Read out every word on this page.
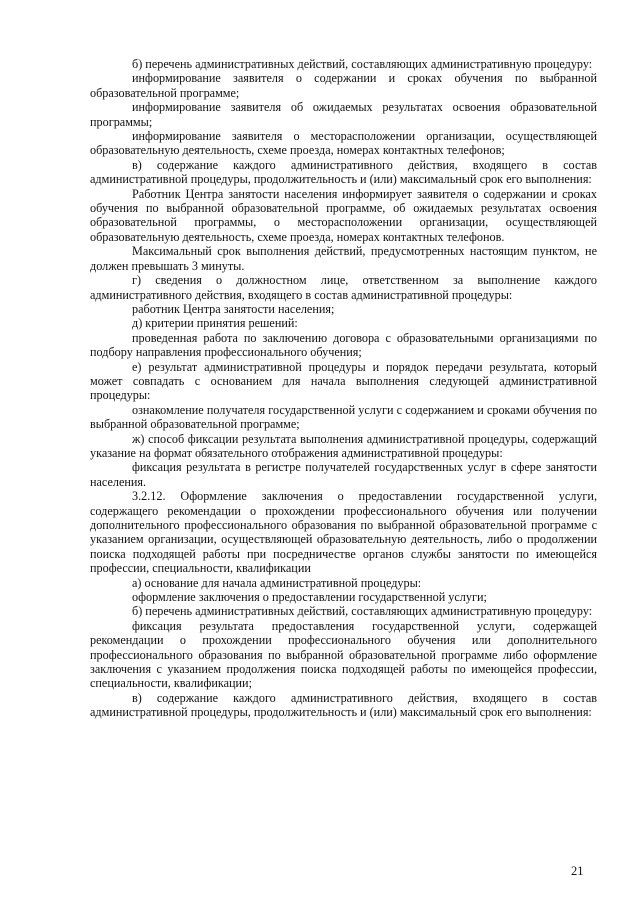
б) перечень административных действий, составляющих административную процедуру:

информирование заявителя о содержании и сроках обучения по выбранной образовательной программе;

информирование заявителя об ожидаемых результатах освоения образовательной программы;

информирование заявителя о месторасположении организации, осуществляющей образовательную деятельность, схеме проезда, номерах контактных телефонов;

в) содержание каждого административного действия, входящего в состав административной процедуры, продолжительность и (или) максимальный срок его выполнения:

Работник Центра занятости населения информирует заявителя о содержании и сроках обучения по выбранной образовательной программе, об ожидаемых результатах освоения образовательной программы, о месторасположении организации, осуществляющей образовательную деятельность, схеме проезда, номерах контактных телефонов.

Максимальный срок выполнения действий, предусмотренных настоящим пунктом, не должен превышать 3 минуты.

г) сведения о должностном лице, ответственном за выполнение каждого административного действия, входящего в состав административной процедуры:

работник Центра занятости населения;

д) критерии принятия решений:

проведенная работа по заключению договора с образовательными организациями по подбору направления профессионального обучения;

е) результат административной процедуры и порядок передачи результата, который может совпадать с основанием для начала выполнения следующей административной процедуры:

ознакомление получателя государственной услуги с содержанием и сроками обучения по выбранной образовательной программе;

ж) способ фиксации результата выполнения административной процедуры, содержащий указание на формат обязательного отображения административной процедуры:

фиксация результата в регистре получателей государственных услуг в сфере занятости населения.

3.2.12. Оформление заключения о предоставлении государственной услуги, содержащего рекомендации о прохождении профессионального обучения или получении дополнительного профессионального образования по выбранной образовательной программе с указанием организации, осуществляющей образовательную деятельность, либо о продолжении поиска подходящей работы при посредничестве органов службы занятости по имеющейся профессии, специальности, квалификации

а) основание для начала административной процедуры:

оформление заключения о предоставлении государственной услуги;

б) перечень административных действий, составляющих административную процедуру:

фиксация результата предоставления государственной услуги, содержащей рекомендации о прохождении профессионального обучения или дополнительного профессионального образования по выбранной образовательной программе либо оформление заключения с указанием продолжения поиска подходящей работы по имеющейся профессии, специальности, квалификации;

в) содержание каждого административного действия, входящего в состав административной процедуры, продолжительность и (или) максимальный срок его выполнения:

21
